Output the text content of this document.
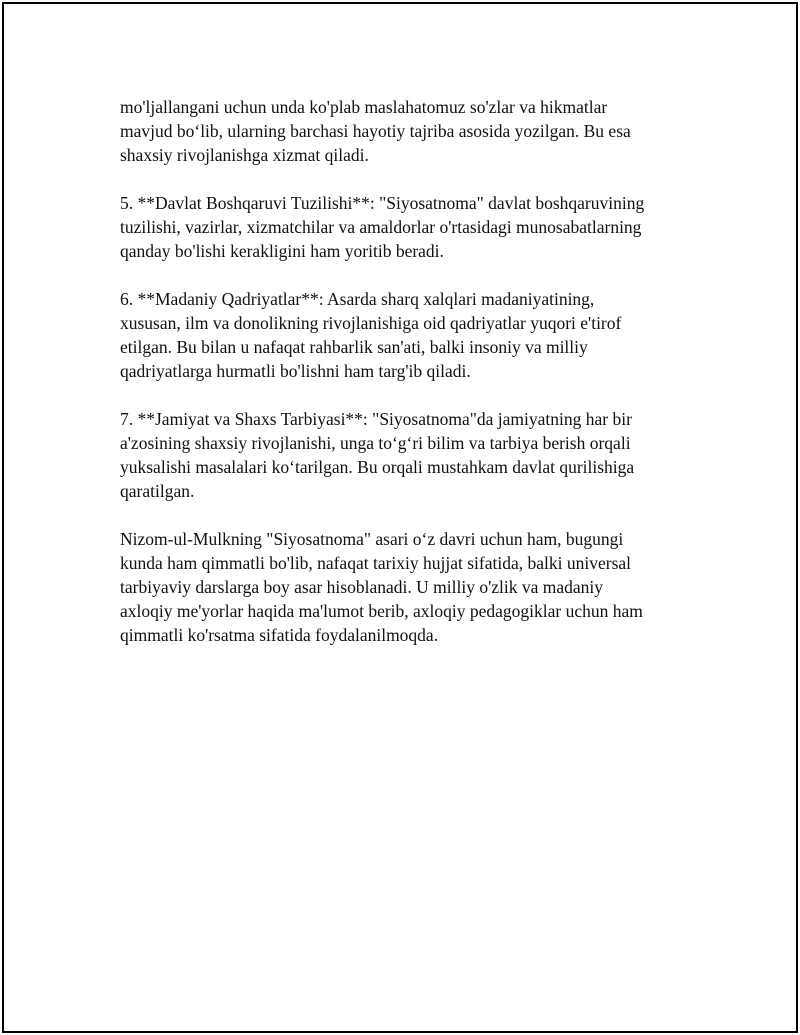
mo'ljallangani uchun unda ko'plab maslahatomuz so'zlar va hikmatlar
mavjud bo‘lib, ularning barchasi hayotiy tajriba asosida yozilgan. Bu esa
shaxsiy rivojlanishga xizmat qiladi.

5. **Davlat Boshqaruvi Tuzilishi**: "Siyosatnoma" davlat boshqaruvining
tuzilishi, vazirlar, xizmatchilar va amaldorlar o'rtasidagi munosabatlarning
qanday bo'lishi kerakligini ham yoritib beradi.

6. **Madaniy Qadriyatlar**: Asarda sharq xalqlari madaniyatining,
xususan, ilm va donolikning rivojlanishiga oid qadriyatlar yuqori e'tirof
etilgan. Bu bilan u nafaqat rahbarlik san'ati, balki insoniy va milliy
qadriyatlarga hurmatli bo'lishni ham targ'ib qiladi.

7. **Jamiyat va Shaxs Tarbiyasi**: "Siyosatnoma"da jamiyatning har bir
a'zosining shaxsiy rivojlanishi, unga to‘g‘ri bilim va tarbiya berish orqali
yuksalishi masalalari ko‘tarilgan. Bu orqali mustahkam davlat qurilishiga
qaratilgan.

Nizom-ul-Mulkning "Siyosatnoma" asari o‘z davri uchun ham, bugungi
kunda ham qimmatli bo'lib, nafaqat tarixiy hujjat sifatida, balki universal
tarbiyaviy darslarga boy asar hisoblanadi. U milliy o'zlik va madaniy
axloqiy me'yorlar haqida ma'lumot berib, axloqiy pedagogiklar uchun ham
qimmatli ko'rsatma sifatida foydalanilmoqda.
